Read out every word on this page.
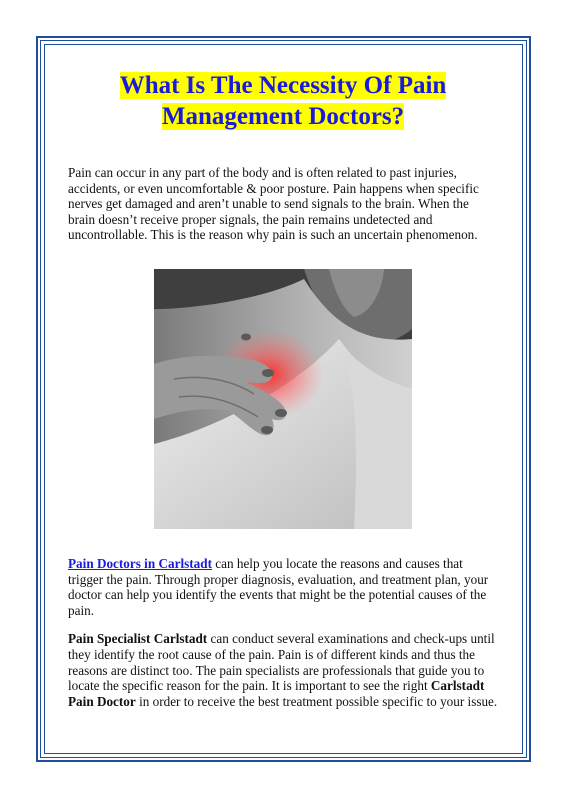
What Is The Necessity Of Pain Management Doctors?

Pain can occur in any part of the body and is often related to past injuries, accidents, or even uncomfortable & poor posture. Pain happens when specific nerves get damaged and aren’t unable to send signals to the brain. When the brain doesn’t receive proper signals, the pain remains undetected and uncontrollable. This is the reason why pain is such an uncertain phenomenon.

Pain Doctors in Carlstadt can help you locate the reasons and causes that trigger the pain. Through proper diagnosis, evaluation, and treatment plan, your doctor can help you identify the events that might be the potential causes of the pain.

Pain Specialist Carlstadt can conduct several examinations and check-ups until they identify the root cause of the pain. Pain is of different kinds and thus the reasons are distinct too. The pain specialists are professionals that guide you to locate the specific reason for the pain. It is important to see the right Carlstadt Pain Doctor in order to receive the best treatment possible specific to your issue.
